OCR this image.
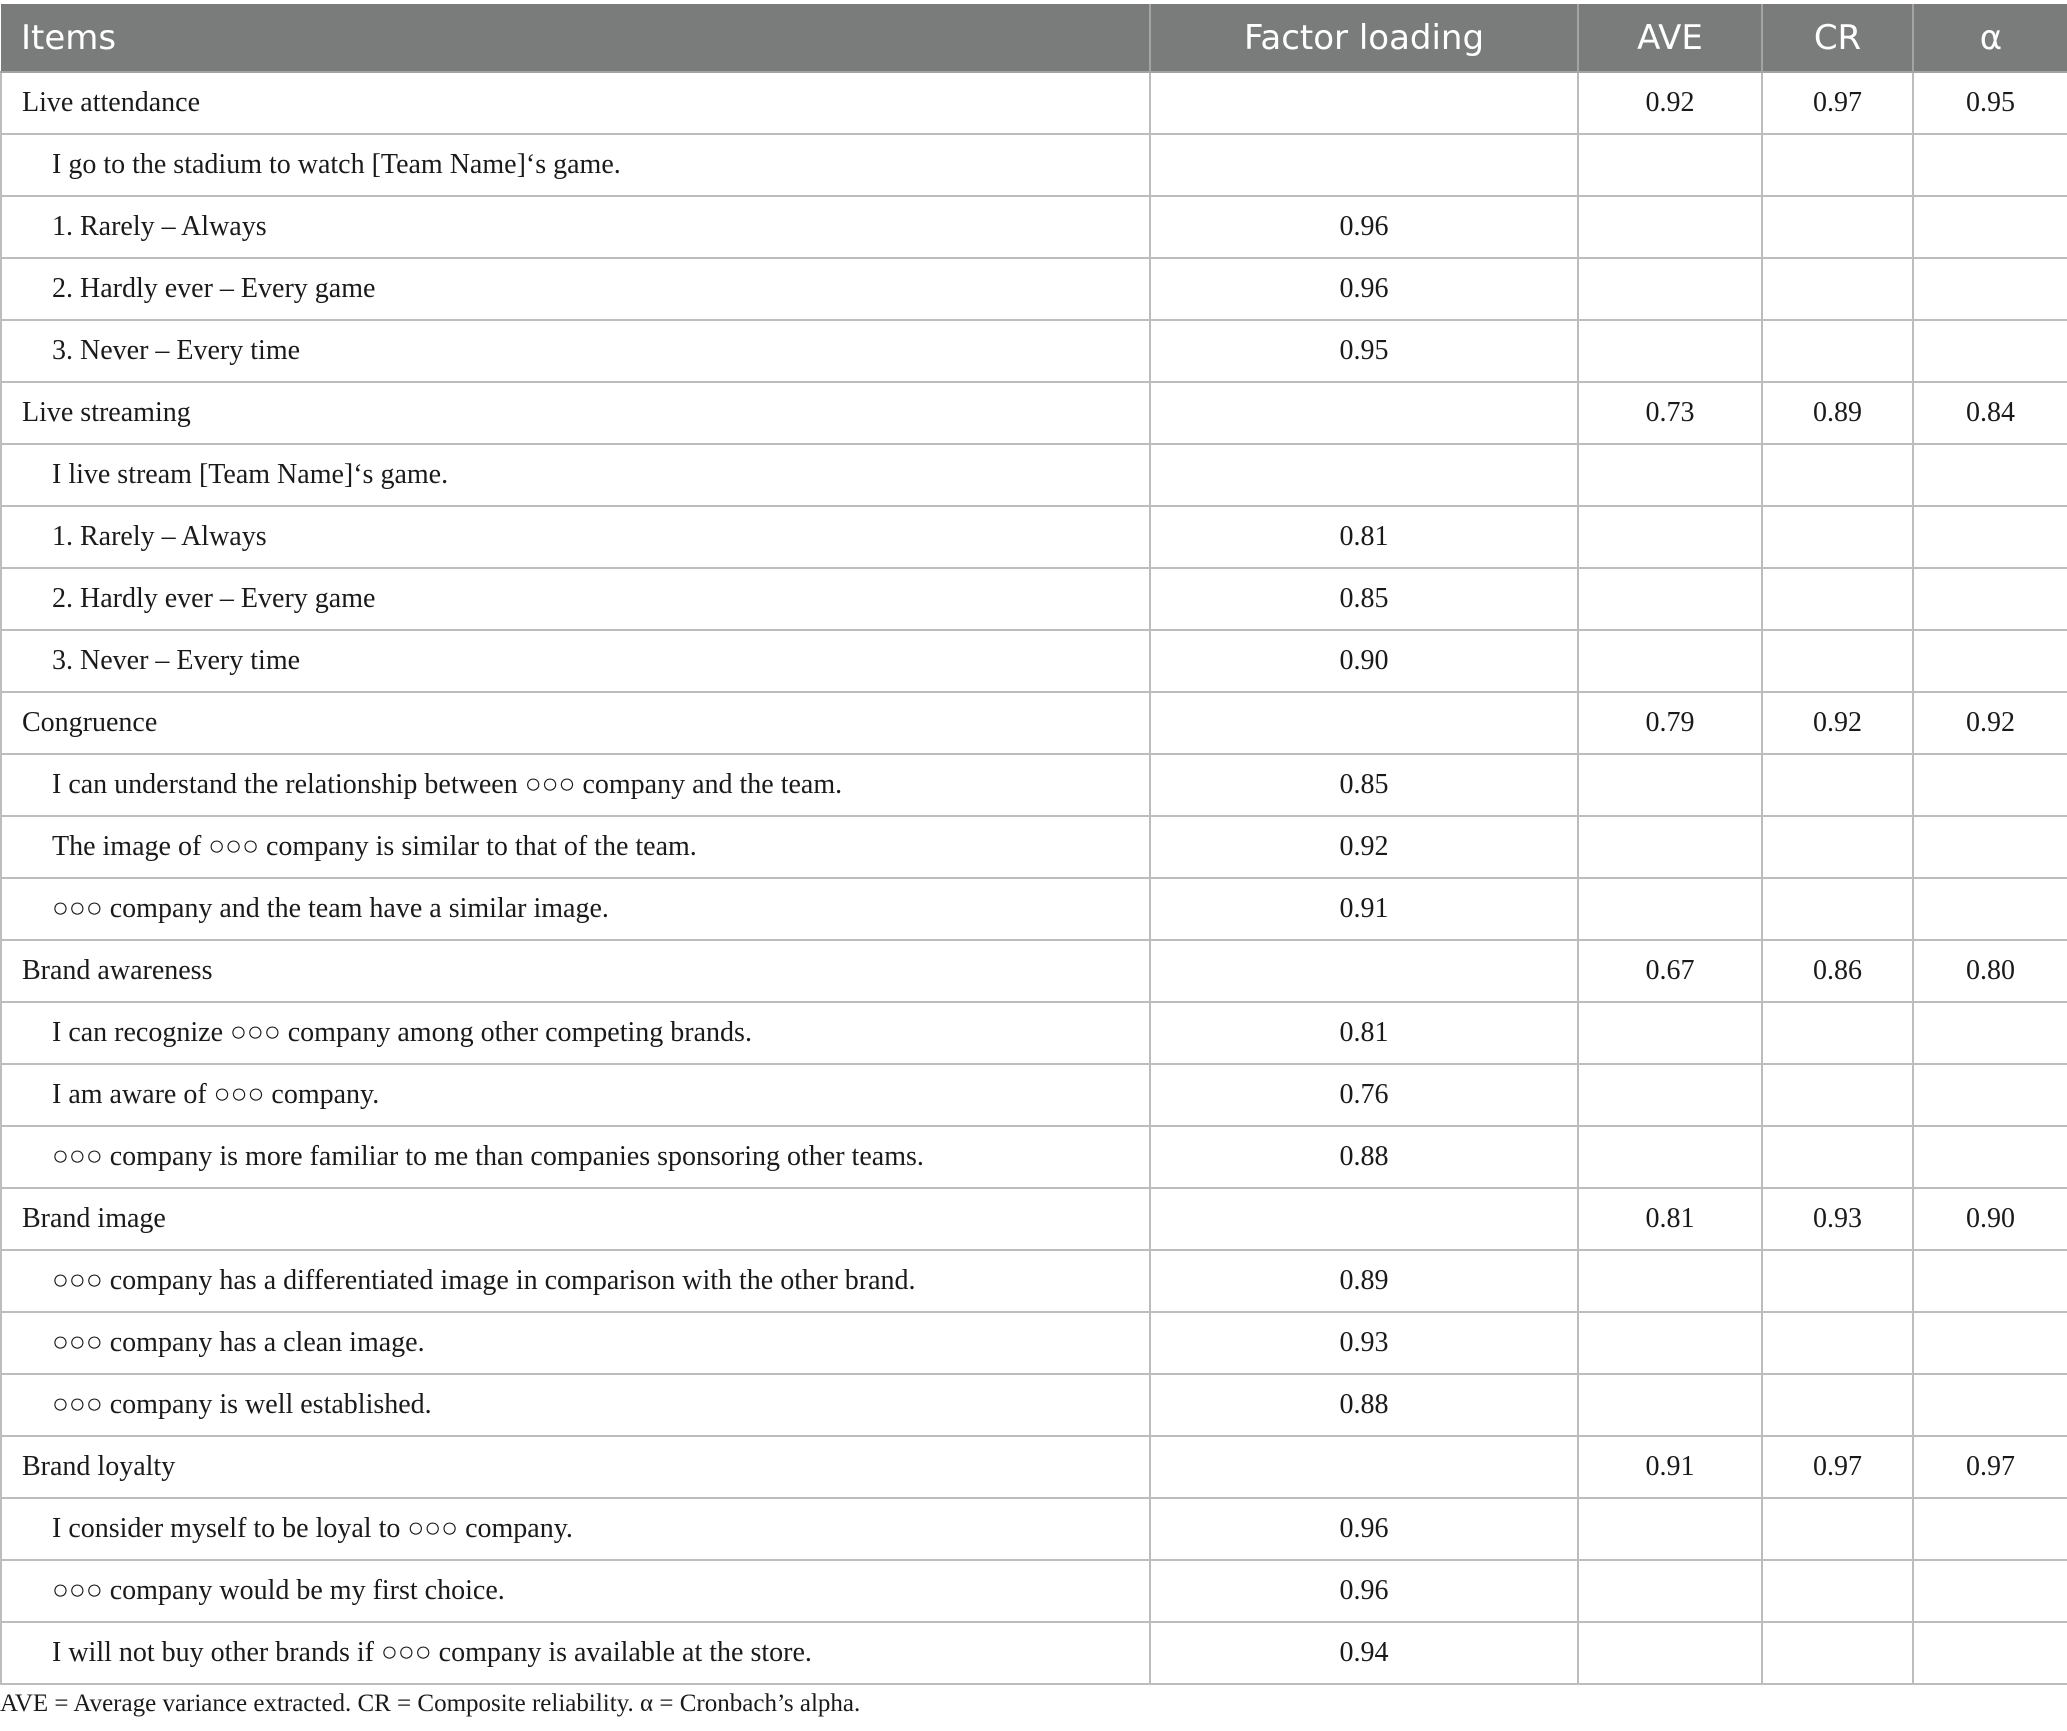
Items	Factor loading	AVE	CR	α
Live attendance		0.92	0.97	0.95
I go to the stadium to watch [Team Name]‘s game.				
1. Rarely – Always	0.96			
2. Hardly ever – Every game	0.96			
3. Never – Every time	0.95			
Live streaming		0.73	0.89	0.84
I live stream [Team Name]‘s game.				
1. Rarely – Always	0.81			
2. Hardly ever – Every game	0.85			
3. Never – Every time	0.90			
Congruence		0.79	0.92	0.92
I can understand the relationship between ○○○ company and the team.	0.85			
The image of ○○○ company is similar to that of the team.	0.92			
○○○ company and the team have a similar image.	0.91			
Brand awareness		0.67	0.86	0.80
I can recognize ○○○ company among other competing brands.	0.81			
I am aware of ○○○ company.	0.76			
○○○ company is more familiar to me than companies sponsoring other teams.	0.88			
Brand image		0.81	0.93	0.90
○○○ company has a differentiated image in comparison with the other brand.	0.89			
○○○ company has a clean image.	0.93			
○○○ company is well established.	0.88			
Brand loyalty		0.91	0.97	0.97
I consider myself to be loyal to ○○○ company.	0.96			
○○○ company would be my first choice.	0.96			
I will not buy other brands if ○○○ company is available at the store.	0.94			
AVE = Average variance extracted. CR = Composite reliability. α = Cronbach’s alpha.
